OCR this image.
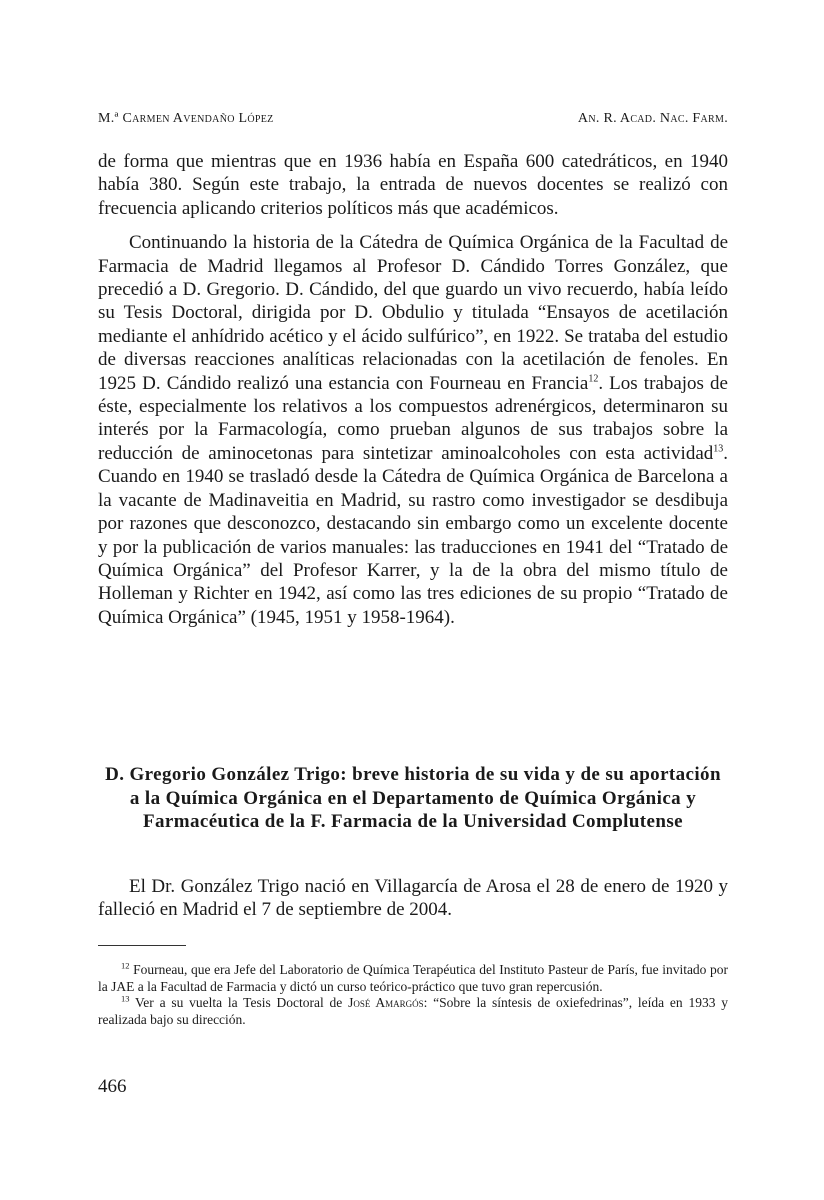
M.ª Carmen Avendaño López	An. R. Acad. Nac. Farm.

de forma que mientras que en 1936 había en España 600 catedráticos, en 1940 había 380. Según este trabajo, la entrada de nuevos docentes se realizó con frecuencia aplicando criterios políticos más que académicos.

Continuando la historia de la Cátedra de Química Orgánica de la Facultad de Farmacia de Madrid llegamos al Profesor D. Cándido Torres González, que precedió a D. Gregorio. D. Cándido, del que guardo un vivo recuerdo, había leído su Tesis Doctoral, dirigida por D. Obdulio y titulada “Ensayos de acetilación mediante el anhídrido acético y el ácido sulfúrico”, en 1922. Se trataba del estudio de diversas reacciones analíticas relacionadas con la acetilación de fenoles. En 1925 D. Cándido realizó una estancia con Fourneau en Francia$^{12}$. Los trabajos de éste, especialmente los relativos a los compuestos adrenérgicos, determinaron su interés por la Farmacología, como prueban algunos de sus trabajos sobre la reducción de aminocetonas para sintetizar aminoalcoholes con esta actividad$^{13}$. Cuando en 1940 se trasladó desde la Cátedra de Química Orgánica de Barcelona a la vacante de Madinaveitia en Madrid, su rastro como investigador se desdibuja por razones que desconozco, destacando sin embargo como un excelente docente y por la publicación de varios manuales: las traducciones en 1941 del “Tratado de Química Orgánica” del Profesor Karrer, y la de la obra del mismo título de Holleman y Richter en 1942, así como las tres ediciones de su propio “Tratado de Química Orgánica” (1945, 1951 y 1958-1964).

D. Gregorio González Trigo: breve historia de su vida y de su aportación a la Química Orgánica en el Departamento de Química Orgánica y Farmacéutica de la F. Farmacia de la Universidad Complutense

El Dr. González Trigo nació en Villagarcía de Arosa el 28 de enero de 1920 y falleció en Madrid el 7 de septiembre de 2004.

$^{12}$ Fourneau, que era Jefe del Laboratorio de Química Terapéutica del Instituto Pasteur de París, fue invitado por la JAE a la Facultad de Farmacia y dictó un curso teórico-práctico que tuvo gran repercusión.

$^{13}$ Ver a su vuelta la Tesis Doctoral de José Amargós: “Sobre la síntesis de oxiefedrinas”, leída en 1933 y realizada bajo su dirección.

466
